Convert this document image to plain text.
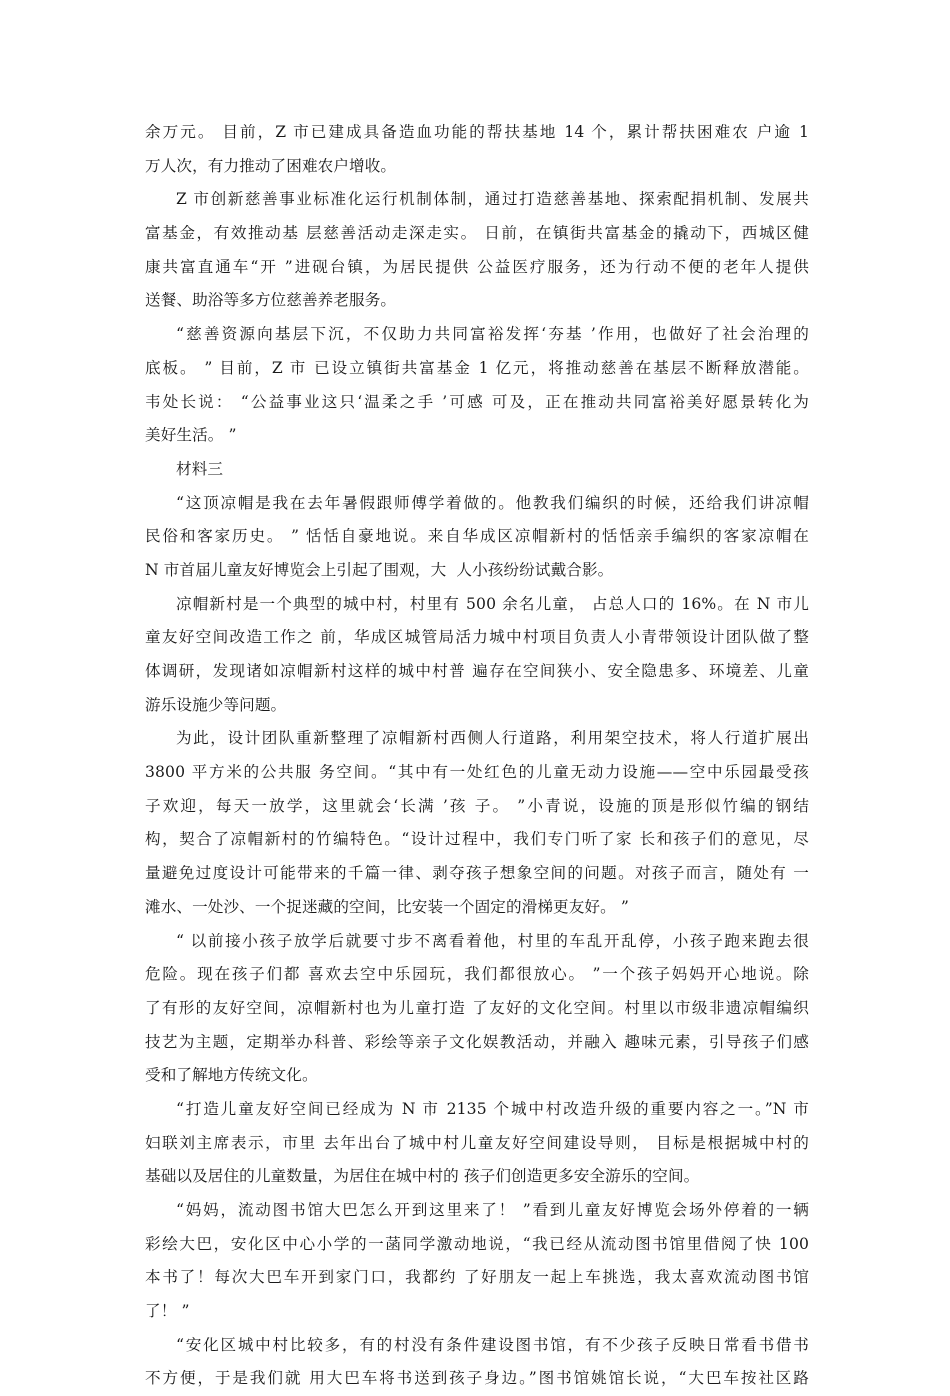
余万元。 目前，Z 市已建成具备造血功能的帮扶基地 14 个，累计帮扶困难农 户逾 1
万人次，有力推动了困难农户增收。
Z 市创新慈善事业标准化运行机制体制，通过打造慈善基地、探索配捐机制、发展共
富基金，有效推动基 层慈善活动走深走实。 日前，在镇街共富基金的撬动下，西城区健
康共富直通车“开 ”进砚台镇，为居民提供 公益医疗服务，还为行动不便的老年人提供
送餐、助浴等多方位慈善养老服务。
“慈善资源向基层下沉，不仅助力共同富裕发挥‘夯基 ’作用，也做好了社会治理的
底板。 ” 目前，Z 市 已设立镇街共富基金 1 亿元，将推动慈善在基层不断释放潜能。
韦处长说： “公益事业这只‘温柔之手 ’可感 可及，正在推动共同富裕美好愿景转化为
美好生活。 ”
材料三
“这顶凉帽是我在去年暑假跟师傅学着做的。他教我们编织的时候，还给我们讲凉帽
民俗和客家历史。 ” 恬恬自豪地说。来自华成区凉帽新村的恬恬亲手编织的客家凉帽在
N 市首届儿童友好博览会上引起了围观，大  人小孩纷纷试戴合影。
凉帽新村是一个典型的城中村，村里有 500 余名儿童， 占总人口的 16%。在 N 市儿
童友好空间改造工作之 前，华成区城管局活力城中村项目负责人小青带领设计团队做了整
体调研，发现诸如凉帽新村这样的城中村普 遍存在空间狭小、安全隐患多、环境差、儿童
游乐设施少等问题。
为此，设计团队重新整理了凉帽新村西侧人行道路，利用架空技术，将人行道扩展出
3800 平方米的公共服 务空间。“其中有一处红色的儿童无动力设施——空中乐园最受孩
子欢迎，每天一放学，这里就会‘长满 ’孩 子。 ”小青说，设施的顶是形似竹编的钢结
构，契合了凉帽新村的竹编特色。“设计过程中，我们专门听了家 长和孩子们的意见，尽
量避免过度设计可能带来的千篇一律、剥夺孩子想象空间的问题。对孩子而言，随处有 一
滩水、一处沙、一个捉迷藏的空间，比安装一个固定的滑梯更友好。 ”
“ 以前接小孩子放学后就要寸步不离看着他，村里的车乱开乱停，小孩子跑来跑去很
危险。现在孩子们都 喜欢去空中乐园玩，我们都很放心。 ”一个孩子妈妈开心地说。除
了有形的友好空间，凉帽新村也为儿童打造 了友好的文化空间。村里以市级非遗凉帽编织
技艺为主题，定期举办科普、彩绘等亲子文化娱教活动，并融入 趣味元素，引导孩子们感
受和了解地方传统文化。
“打造儿童友好空间已经成为 N 市 2135 个城中村改造升级的重要内容之一。”N 市
妇联刘主席表示，市里 去年出台了城中村儿童友好空间建设导则， 目标是根据城中村的
基础以及居住的儿童数量，为居住在城中村的 孩子们创造更多安全游乐的空间。
“妈妈，流动图书馆大巴怎么开到这里来了！ ”看到儿童友好博览会场外停着的一辆
彩绘大巴，安化区中心小学的一菡同学激动地说，“我已经从流动图书馆里借阅了快 100
本书了！每次大巴车开到家门口，我都约 了好朋友一起上车挑选，我太喜欢流动图书馆
了！ ”
“安化区城中村比较多，有的村没有条件建设图书馆，有不少孩子反映日常看书借书
不方便，于是我们就 用大巴车将书送到孩子身边。”图书馆姚馆长说，“大巴车按社区路
